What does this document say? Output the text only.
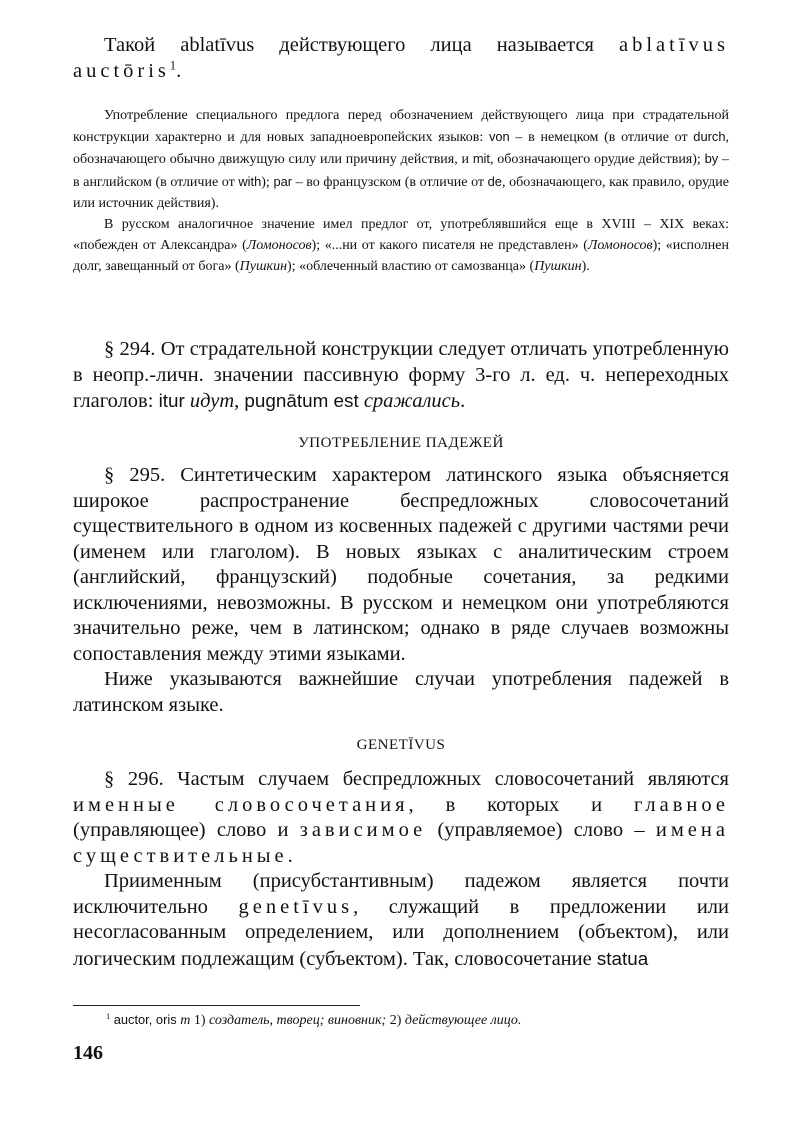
Такой ablatīvus действующего лица называется ablatīvus auctōris$^1$.

Употребление специального предлога перед обозначением действующего лица при страдательной конструкции характерно и для новых западноевропейских языков: von – в немецком (в отличие от durch, обозначающего обычно движущую силу или причину действия, и mit, обозначающего орудие действия); by – в английском (в отличие от with); par – во французском (в отличие от de, обозначающего, как правило, орудие или источник действия).

В русском аналогичное значение имел предлог от, употреблявшийся еще в XVIII – XIX веках: «побежден от Александра» (Ломоносов); «...ни от какого писателя не представлен» (Ломоносов); «исполнен долг, завещанный от бога» (Пушкин); «облеченный властию от самозванца» (Пушкин).

§ 294. От страдательной конструкции следует отличать употребленную в неопр.-личн. значении пассивную форму 3-го л. ед. ч. непереходных глаголов: itur идут, pugnātum est сражались.

УПОТРЕБЛЕНИЕ ПАДЕЖЕЙ

§ 295. Синтетическим характером латинского языка объясняется широкое распространение беспредложных словосочетаний существительного в одном из косвенных падежей с другими частями речи (именем или глаголом). В новых языках с аналитическим строем (английский, французский) подобные сочетания, за редкими исключениями, невозможны. В русском и немецком они употребляются значительно реже, чем в латинском; однако в ряде случаев возможны сопоставления между этими языками.

Ниже указываются важнейшие случаи употребления падежей в латинском языке.

GENETĪVUS

§ 296. Частым случаем беспредложных словосочетаний являются именные словосочетания, в которых и главное (управляющее) слово и зависимое (управляемое) слово – имена существительные.

Приименным (присубстантивным) падежом является почти исключительно genetīvus, служащий в предложении или несогласованным определением, или дополнением (объектом), или логическим подлежащим (субъектом). Так, словосочетание statua

$^1$ auctor, oris m 1) создатель, творец; виновник; 2) действующее лицо.
146
